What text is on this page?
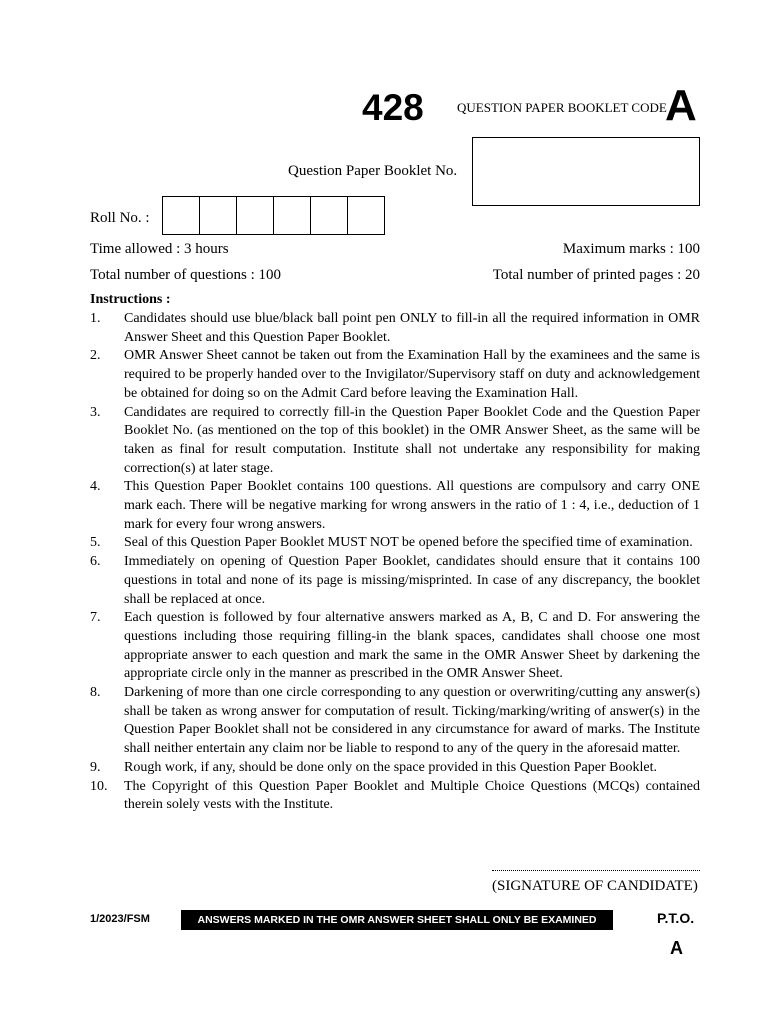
428	QUESTION PAPER BOOKLET CODE :
A
Question Paper Booklet No.
Roll No. :
Time allowed : 3 hours	Maximum marks : 100
Total number of questions : 100	Total number of printed pages : 20
Instructions :
1.	Candidates should use blue/black ball point pen ONLY to fill-in all the required information in OMR Answer Sheet and this Question Paper Booklet.
2.	OMR Answer Sheet cannot be taken out from the Examination Hall by the examinees and the same is required to be properly handed over to the Invigilator/Supervisory staff on duty and acknowledgement be obtained for doing so on the Admit Card before leaving the Examination Hall.
3.	Candidates are required to correctly fill-in the Question Paper Booklet Code and the Question Paper Booklet No. (as mentioned on the top of this booklet) in the OMR Answer Sheet, as the same will be taken as final for result computation. Institute shall not undertake any responsibility for making correction(s) at later stage.
4.	This Question Paper Booklet contains 100 questions. All questions are compulsory and carry ONE mark each. There will be negative marking for wrong answers in the ratio of 1 : 4, i.e., deduction of 1 mark for every four wrong answers.
5.	Seal of this Question Paper Booklet MUST NOT be opened before the specified time of examination.
6.	Immediately on opening of Question Paper Booklet, candidates should ensure that it contains 100 questions in total and none of its page is missing/misprinted. In case of any discrepancy, the booklet shall be replaced at once.
7.	Each question is followed by four alternative answers marked as A, B, C and D. For answering the questions including those requiring filling-in the blank spaces, candidates shall choose one most appropriate answer to each question and mark the same in the OMR Answer Sheet by darkening the appropriate circle only in the manner as prescribed in the OMR Answer Sheet.
8.	Darkening of more than one circle corresponding to any question or overwriting/cutting any answer(s) shall be taken as wrong answer for computation of result. Ticking/marking/writing of answer(s) in the Question Paper Booklet shall not be considered in any circumstance for award of marks. The Institute shall neither entertain any claim nor be liable to respond to any of the query in the aforesaid matter.
9.	Rough work, if any, should be done only on the space provided in this Question Paper Booklet.
10.	The Copyright of this Question Paper Booklet and Multiple Choice Questions (MCQs) contained therein solely vests with the Institute.
(SIGNATURE OF CANDIDATE)
1/2023/FSM	ANSWERS MARKED IN THE OMR ANSWER SHEET SHALL ONLY BE EXAMINED	P.T.O.
A
